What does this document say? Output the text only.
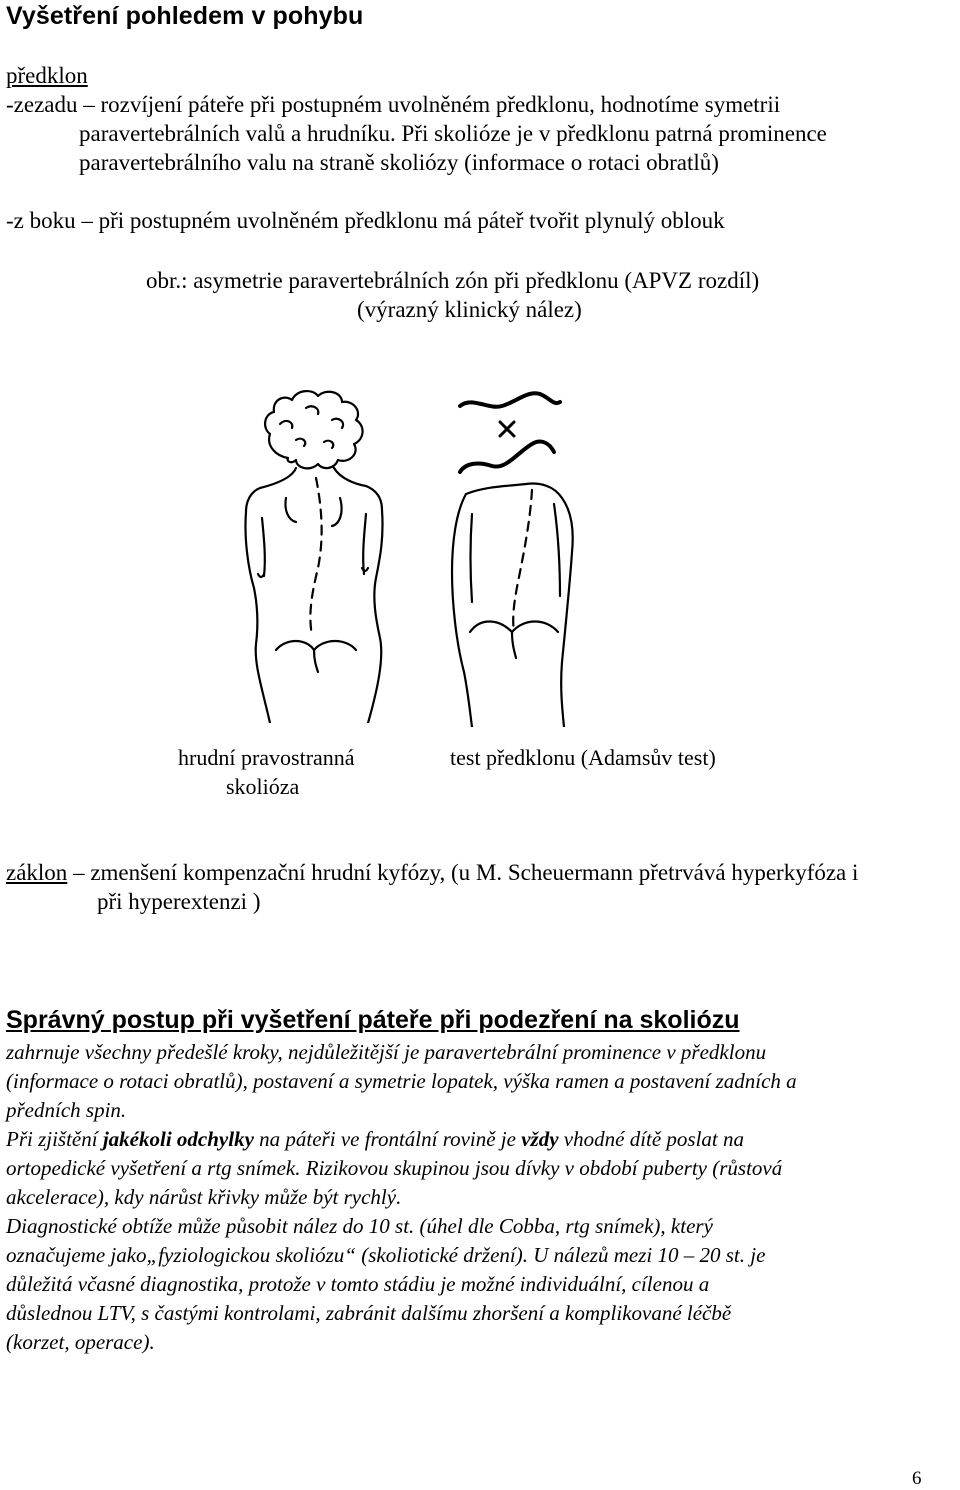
Vyšetření pohledem v pohybu
předklon
-zezadu – rozvíjení páteře při postupném uvolněném předklonu, hodnotíme symetrii
paravertebrálních valů a hrudníku. Při skolióze je v předklonu patrná prominence
paravertebrálního valu na straně skoliózy (informace o rotaci obratlů)
-z boku – při postupném uvolněném předklonu má páteř tvořit plynulý oblouk
obr.: asymetrie paravertebrálních zón při předklonu (APVZ rozdíl)
(výrazný klinický nález)
hrudní pravostranná
skolióza
test předklonu (Adamsův test)
záklon – zmenšení kompenzační hrudní kyfózy, (u M. Scheuermann přetrvává hyperkyfóza i
při hyperextenzi )
Správný postup při vyšetření páteře při podezření na skoliózu
zahrnuje všechny předešlé kroky, nejdůležitější je paravertebrální prominence v předklonu
(informace o rotaci obratlů), postavení a symetrie lopatek, výška ramen a postavení zadních a
předních spin.
Při zjištění jakékoli odchylky na páteři ve frontální rovině je vždy vhodné dítě poslat na
ortopedické vyšetření a rtg snímek. Rizikovou skupinou jsou dívky v období puberty (růstová
akcelerace), kdy nárůst křivky může být rychlý.
Diagnostické obtíže může působit nález do 10 st. (úhel dle Cobba, rtg snímek), který
označujeme jako„fyziologickou skoliózu“ (skoliotické držení). U nálezů mezi 10 – 20 st. je
důležitá včasné diagnostika, protože v tomto stádiu je možné individuální, cílenou a
důslednou LTV, s častými kontrolami, zabránit dalšímu zhoršení a komplikované léčbě
(korzet, operace).
6
